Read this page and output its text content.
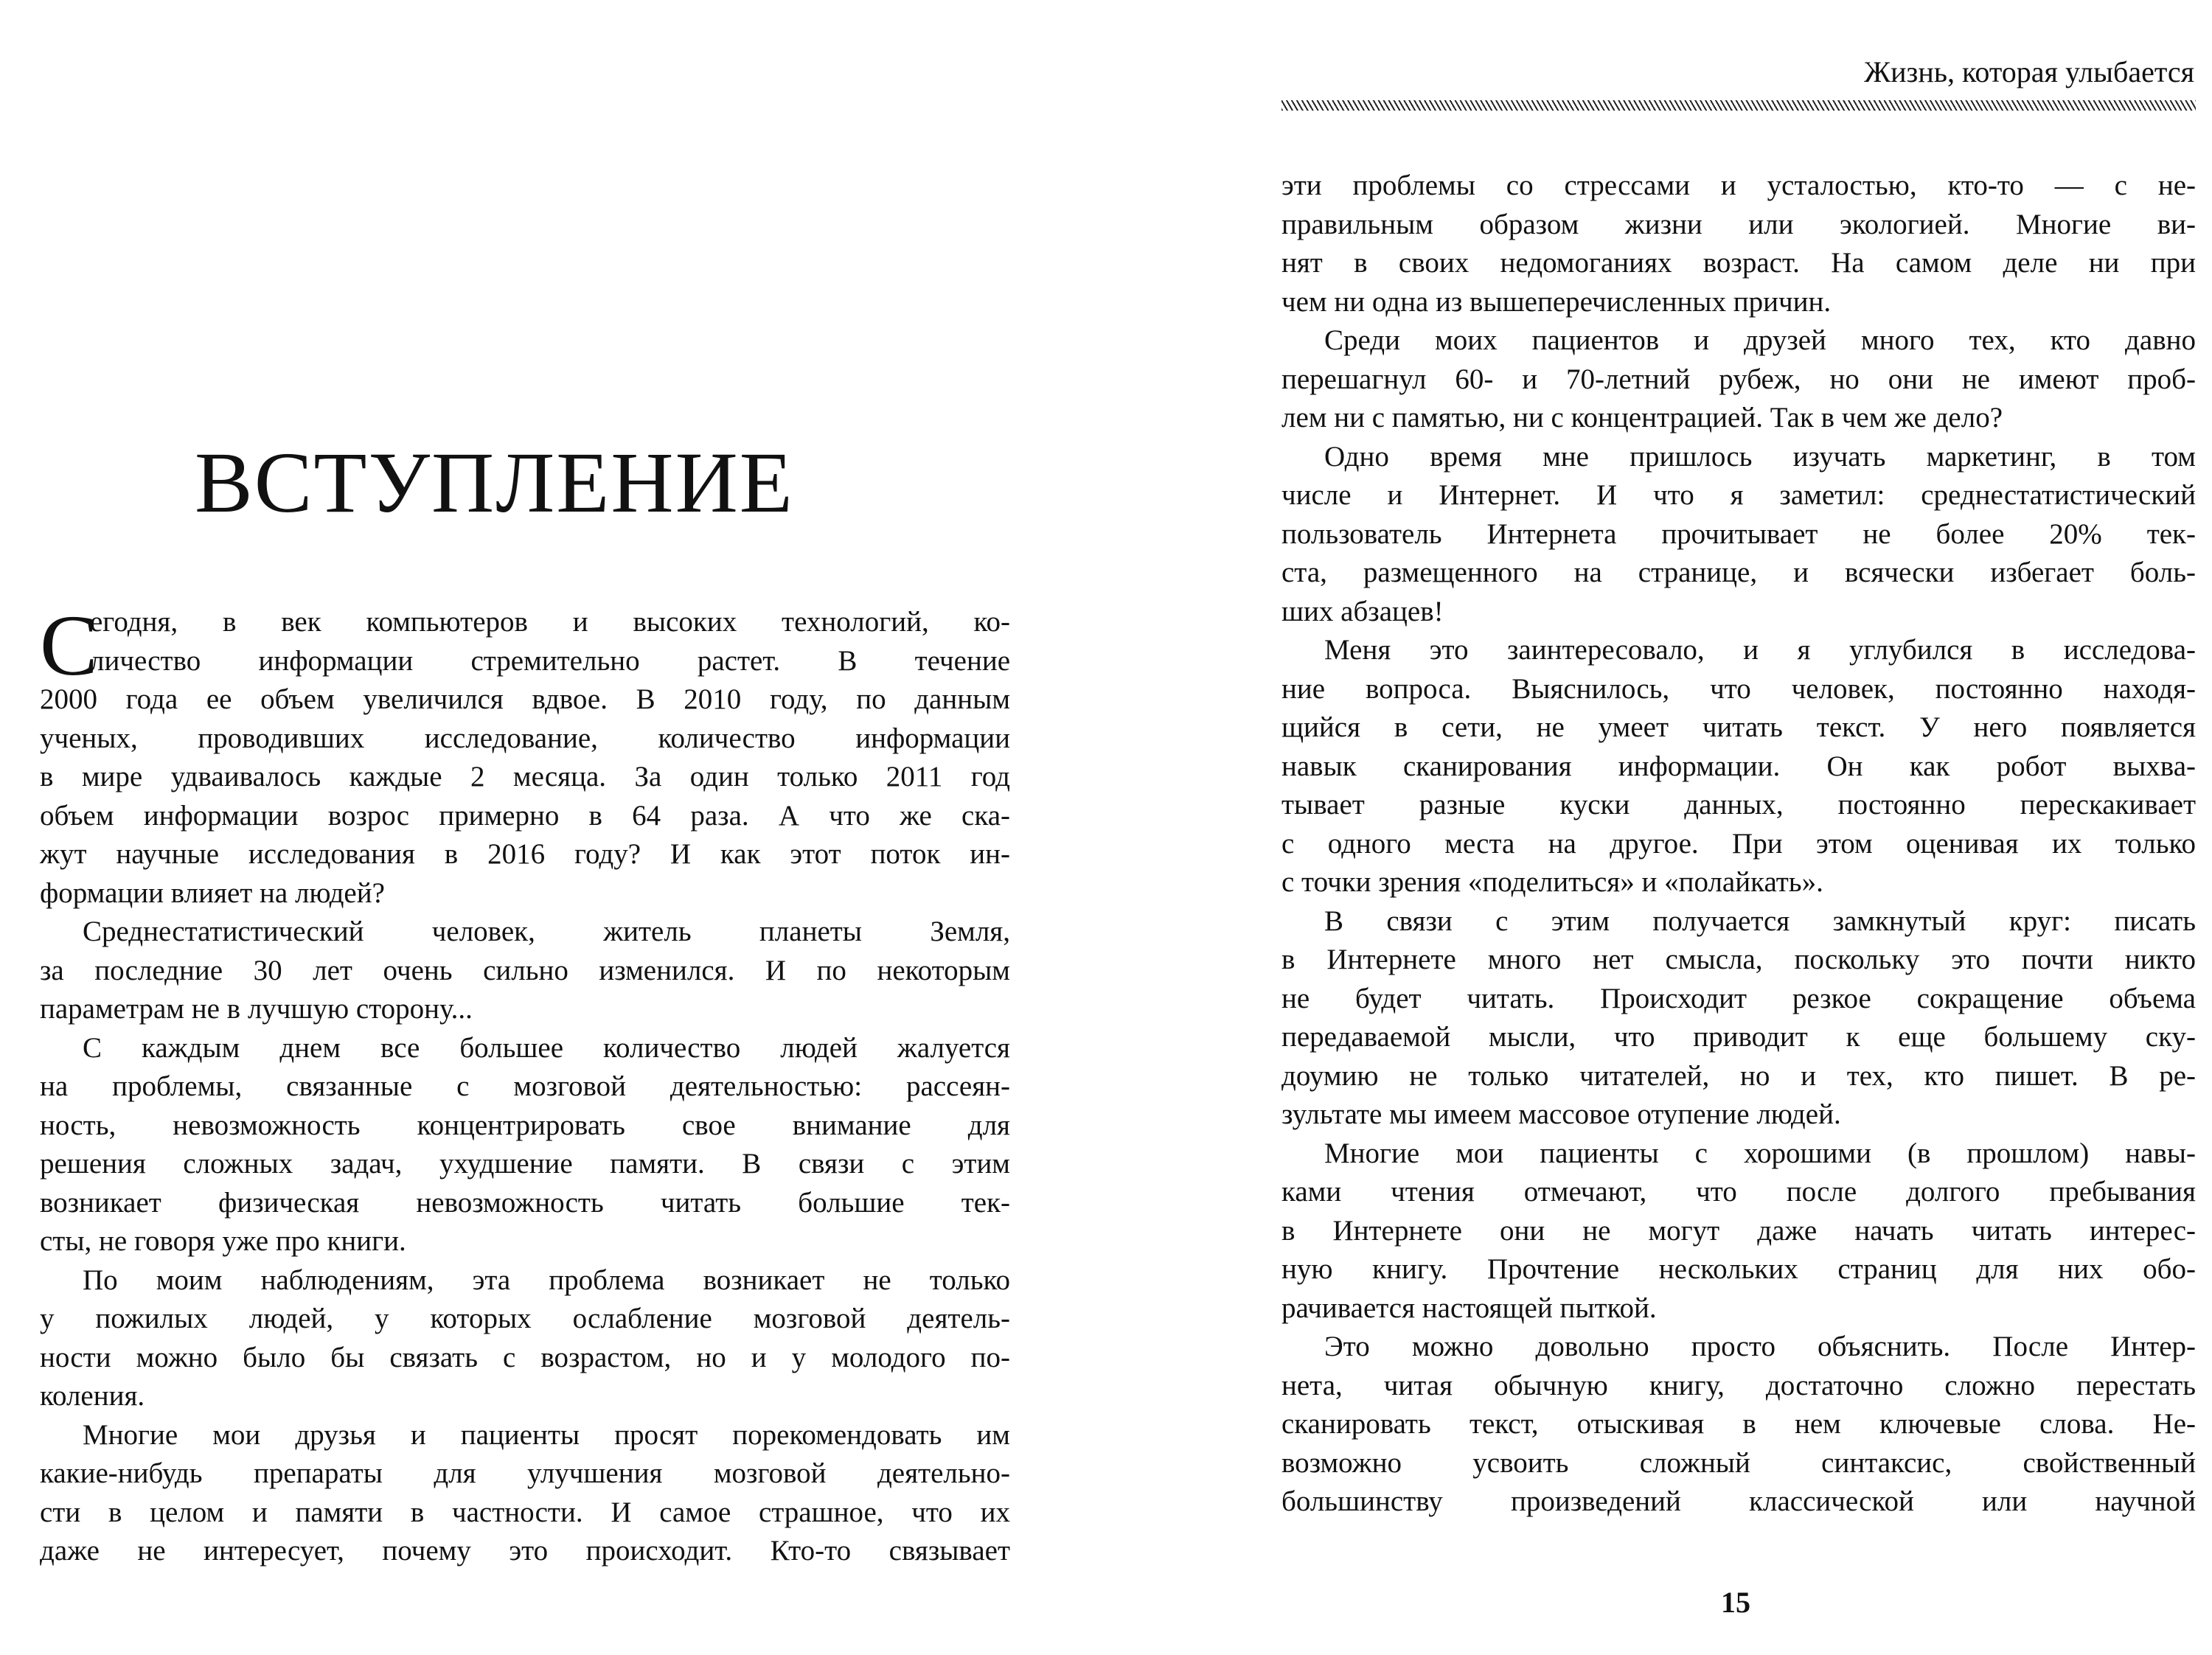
Жизнь, которая улыбается
ВСТУПЛЕНИЕ
С
егодня, в век компьютеров и высоких технологий, ко-
личество информации стремительно растет. В течение
2000 года ее объем увеличился вдвое. В 2010 году, по данным
ученых, проводивших исследование, количество информации
в мире удваивалось каждые 2 месяца. За один только 2011 год
объем информации возрос примерно в 64 раза. А что же ска-
жут научные исследования в 2016 году? И как этот поток ин-
формации влияет на людей?
Среднестатистический человек, житель планеты Земля,
за последние 30 лет очень сильно изменился. И по некоторым
параметрам не в лучшую сторону...
С каждым днем все большее количество людей жалуется
на проблемы, связанные с мозговой деятельностью: рассеян-
ность, невозможность концентрировать свое внимание для
решения сложных задач, ухудшение памяти. В связи с этим
возникает физическая невозможность читать большие тек-
сты, не говоря уже про книги.
По моим наблюдениям, эта проблема возникает не только
у пожилых людей, у которых ослабление мозговой деятель-
ности можно было бы связать с возрастом, но и у молодого по-
коления.
Многие мои друзья и пациенты просят порекомендовать им
какие-нибудь препараты для улучшения мозговой деятельно-
сти в целом и памяти в частности. И самое страшное, что их
даже не интересует, почему это происходит. Кто-то связывает
эти проблемы со стрессами и усталостью, кто-то — с не-
правильным образом жизни или экологией. Многие ви-
нят в своих недомоганиях возраст. На самом деле ни при
чем ни одна из вышеперечисленных причин.
Среди моих пациентов и друзей много тех, кто давно
перешагнул 60- и 70-летний рубеж, но они не имеют проб-
лем ни с памятью, ни с концентрацией. Так в чем же дело?
Одно время мне пришлось изучать маркетинг, в том
числе и Интернет. И что я заметил: среднестатистический
пользователь Интернета прочитывает не более 20% тек-
ста, размещенного на странице, и всячески избегает боль-
ших абзацев!
Меня это заинтересовало, и я углубился в исследова-
ние вопроса. Выяснилось, что человек, постоянно находя-
щийся в сети, не умеет читать текст. У него появляется
навык сканирования информации. Он как робот выхва-
тывает разные куски данных, постоянно перескакивает
с одного места на другое. При этом оценивая их только
с точки зрения «поделиться» и «полайкать».
В связи с этим получается замкнутый круг: писать
в Интернете много нет смысла, поскольку это почти никто
не будет читать. Происходит резкое сокращение объема
передаваемой мысли, что приводит к еще большему ску-
доумию не только читателей, но и тех, кто пишет. В ре-
зультате мы имеем массовое отупение людей.
Многие мои пациенты с хорошими (в прошлом) навы-
ками чтения отмечают, что после долгого пребывания
в Интернете они не могут даже начать читать интерес-
ную книгу. Прочтение нескольких страниц для них обо-
рачивается настоящей пыткой.
Это можно довольно просто объяснить. После Интер-
нета, читая обычную книгу, достаточно сложно перестать
сканировать текст, отыскивая в нем ключевые слова. Не-
возможно усвоить сложный синтаксис, свойственный
большинству произведений классической или научной
15
